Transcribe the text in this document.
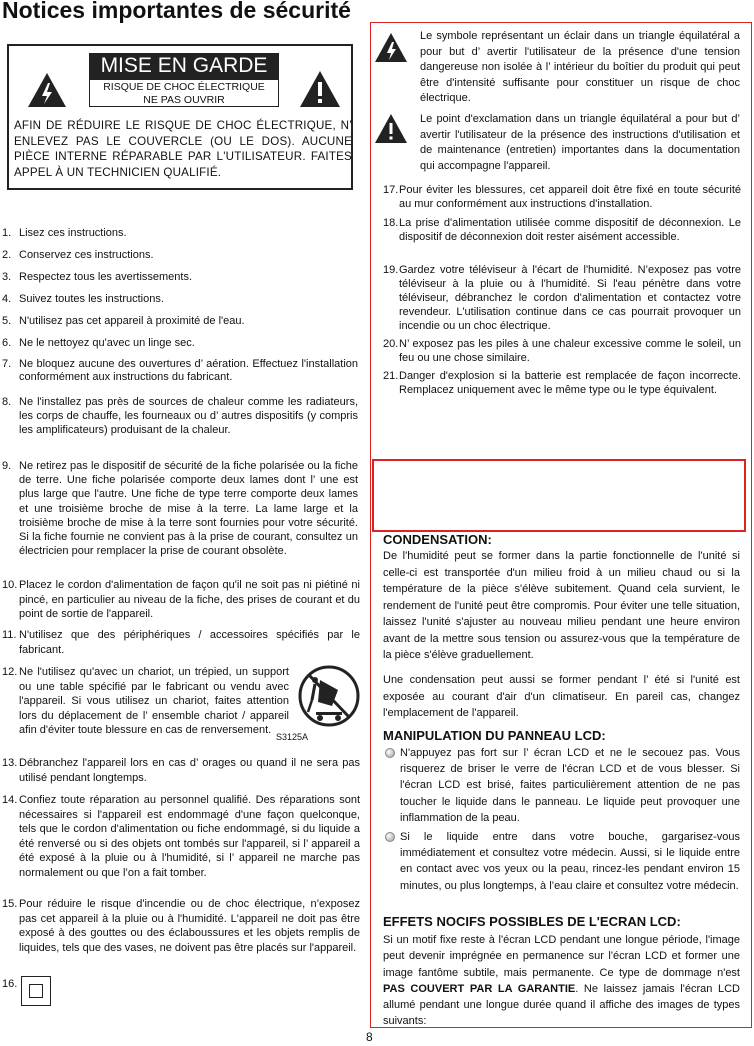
Notices importantes de sécurité
MISE EN GARDE
RISQUE DE CHOC ÉLECTRIQUE
NE PAS OUVRIR
AFIN DE RÉDUIRE LE RISQUE DE CHOC ÉLECTRIQUE, N’ ENLEVEZ PAS LE COUVERCLE (OU LE DOS). AUCUNE PIÈCE INTERNE RÉPARABLE PAR L'UTILISATEUR. FAITES APPEL À UN TECHNICIEN QUALIFIÉ.
Le symbole représentant un éclair dans un triangle équilatéral a pour but d’ avertir l'utilisateur de la présence d'une tension dangereuse non isolée à l’ intérieur du boîtier du produit qui peut être d'intensité suffisante pour constituer un risque de choc électrique.
Le point d'exclamation dans un triangle équilatéral a pour but d’ avertir l'utilisateur de la présence des instructions d'utilisation et de maintenance (entretien) importantes dans la documentation qui accompagne l'appareil.
1. Lisez ces instructions.
2. Conservez ces instructions.
3. Respectez tous les avertissements.
4. Suivez toutes les instructions.
5. N'utilisez pas cet appareil à proximité de l'eau.
6. Ne le nettoyez qu'avec un linge sec.
7. Ne bloquez aucune des ouvertures d’ aération. Effectuez l'installation conformément aux instructions du fabricant.
8. Ne l'installez pas près de sources de chaleur comme les radiateurs, les corps de chauffe, les fourneaux ou d’ autres dispositifs (y compris les amplificateurs) produisant de la chaleur.
9. Ne retirez pas le dispositif de sécurité de la fiche polarisée ou la fiche de terre. Une fiche polarisée comporte deux lames dont l’ une est plus large que l'autre. Une fiche de type terre comporte deux lames et une troisième broche de mise à la terre. La lame large et la troisième broche de mise à la terre sont fournies pour votre sécurité. Si la fiche fournie ne convient pas à la prise de courant, consultez un électricien pour remplacer la prise de courant obsolète.
10. Placez le cordon d'alimentation de façon qu'il ne soit pas ni piétiné ni pincé, en particulier au niveau de la fiche, des prises de courant et du point de sortie de l'appareil.
11. N'utilisez que des périphériques / accessoires spécifiés par le fabricant.
12. Ne l'utilisez qu'avec un chariot, un trépied, un support ou une table spécifié par le fabricant ou vendu avec l'appareil. Si vous utilisez un chariot, faites attention lors du déplacement de l’ ensemble chariot / appareil afin d'éviter toute blessure en cas de renversement.
S3125A
13. Débranchez l'appareil lors en cas d’ orages ou quand il ne sera pas utilisé pendant longtemps.
14. Confiez toute réparation au personnel qualifié. Des réparations sont nécessaires si l'appareil est endommagé d'une façon quelconque, tels que le cordon d'alimentation ou fiche endommagé, si du liquide a été renversé ou si des objets ont tombés sur l'appareil, si l’ appareil a été exposé à la pluie ou à l'humidité, si l’ appareil ne marche pas normalement ou que l’on a fait tomber.
15. Pour réduire le risque d'incendie ou de choc électrique, n’exposez pas cet appareil à la pluie ou à l'humidité. L'appareil ne doit pas être exposé à des gouttes ou des éclaboussures et les objets remplis de liquides, tels que des vases, ne doivent pas être placés sur l'appareil.
16.
17. Pour éviter les blessures, cet appareil doit être fixé en toute sécurité au mur conformément aux instructions d'installation.
18. La prise d'alimentation utilisée comme dispositif de déconnexion. Le dispositif de déconnexion doit rester aisément accessible.
19. Gardez votre téléviseur à l'écart de l'humidité. N’exposez pas votre téléviseur à la pluie ou à l'humidité. Si l'eau pénètre dans votre téléviseur, débranchez le cordon d'alimentation et contactez votre revendeur. L'utilisation continue dans ce cas pourrait provoquer un incendie ou un choc électrique.
20. N’ exposez pas les piles à une chaleur excessive comme le soleil, un feu ou une chose similaire.
21. Danger d'explosion si la batterie est remplacée de façon incorrecte. Remplacez uniquement avec le même type ou le type équivalent.
CONDENSATION:
De l'humidité peut se former dans la partie fonctionnelle de l'unité si celle-ci est transportée d'un milieu froid à un milieu chaud ou si la température de la pièce s'élève subitement. Quand cela survient, le rendement de l'unité peut être compromis. Pour éviter une telle situation, laissez l'unité s'ajuster au nouveau milieu pendant une heure environ avant de la mettre sous tension ou assurez-vous que la température de la pièce s'élève graduellement.
Une condensation peut aussi se former pendant l’ été si l'unité est exposée au courant d'air d'un climatiseur. En pareil cas, changez l'emplacement de l'appareil.
MANIPULATION DU PANNEAU LCD:
N'appuyez pas fort sur l’ écran LCD et ne le secouez pas. Vous risquerez de briser le verre de l'écran LCD et de vous blesser. Si l'écran LCD est brisé, faites particulièrement attention de ne pas toucher le liquide dans le panneau. Le liquide peut provoquer une inflammation de la peau.
Si le liquide entre dans votre bouche, gargarisez-vous immédiatement et consultez votre médecin. Aussi, si le liquide entre en contact avec vos yeux ou la peau, rincez-les pendant environ 15 minutes, ou plus longtemps, à l’eau claire et consultez votre médecin.
EFFETS NOCIFS POSSIBLES DE L'ECRAN LCD:
Si un motif fixe reste à l'écran LCD pendant une longue période, l'image peut devenir imprégnée en permanence sur l'écran LCD et former une image fantôme subtile, mais permanente. Ce type de dommage n'est PAS COUVERT PAR LA GARANTIE. Ne laissez jamais l'écran LCD allumé pendant une longue durée quand il affiche des images de types suivants:
8
